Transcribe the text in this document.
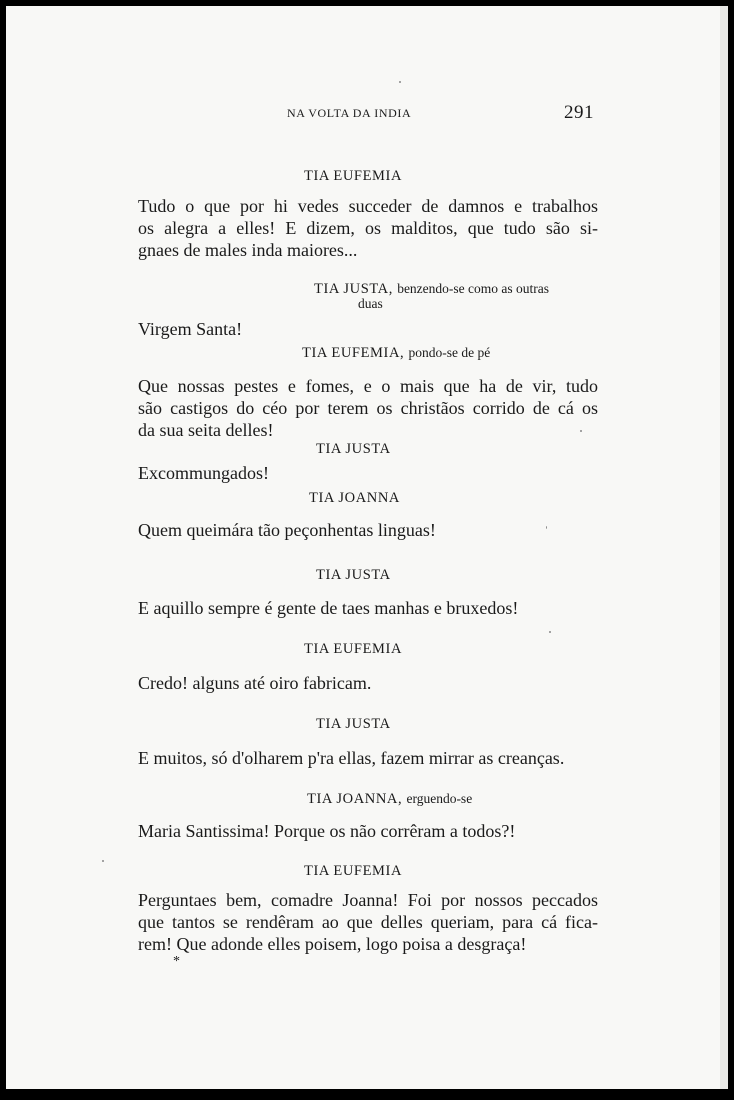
NA VOLTA DA INDIA	291
TIA EUFEMIA
Tudo o que por hi vedes succeder de damnos e trabalhos
os alegra a elles! E dizem, os malditos, que tudo são si-
gnaes de males inda maiores...
TIA JUSTA, benzendo-se como as outras
duas
Virgem Santa!
TIA EUFEMIA, pondo-se de pé
Que nossas pestes e fomes, e o mais que ha de vir, tudo
são castigos do céo por terem os christãos corrido de cá os
da sua seita delles!
TIA JUSTA
Excommungados!
TIA JOANNA
Quem queimára tão peçonhentas linguas!
TIA JUSTA
E aquillo sempre é gente de taes manhas e bruxedos!
TIA EUFEMIA
Credo! alguns até oiro fabricam.
TIA JUSTA
E muitos, só d'olharem p'ra ellas, fazem mirrar as creanças.
TIA JOANNA, erguendo-se
Maria Santissima! Porque os não corrêram a todos?!
TIA EUFEMIA
Perguntaes bem, comadre Joanna! Foi por nossos peccados
que tantos se rendêram ao que delles queriam, para cá fica-
rem! Que adonde elles poisem, logo poisa a desgraça!
*
